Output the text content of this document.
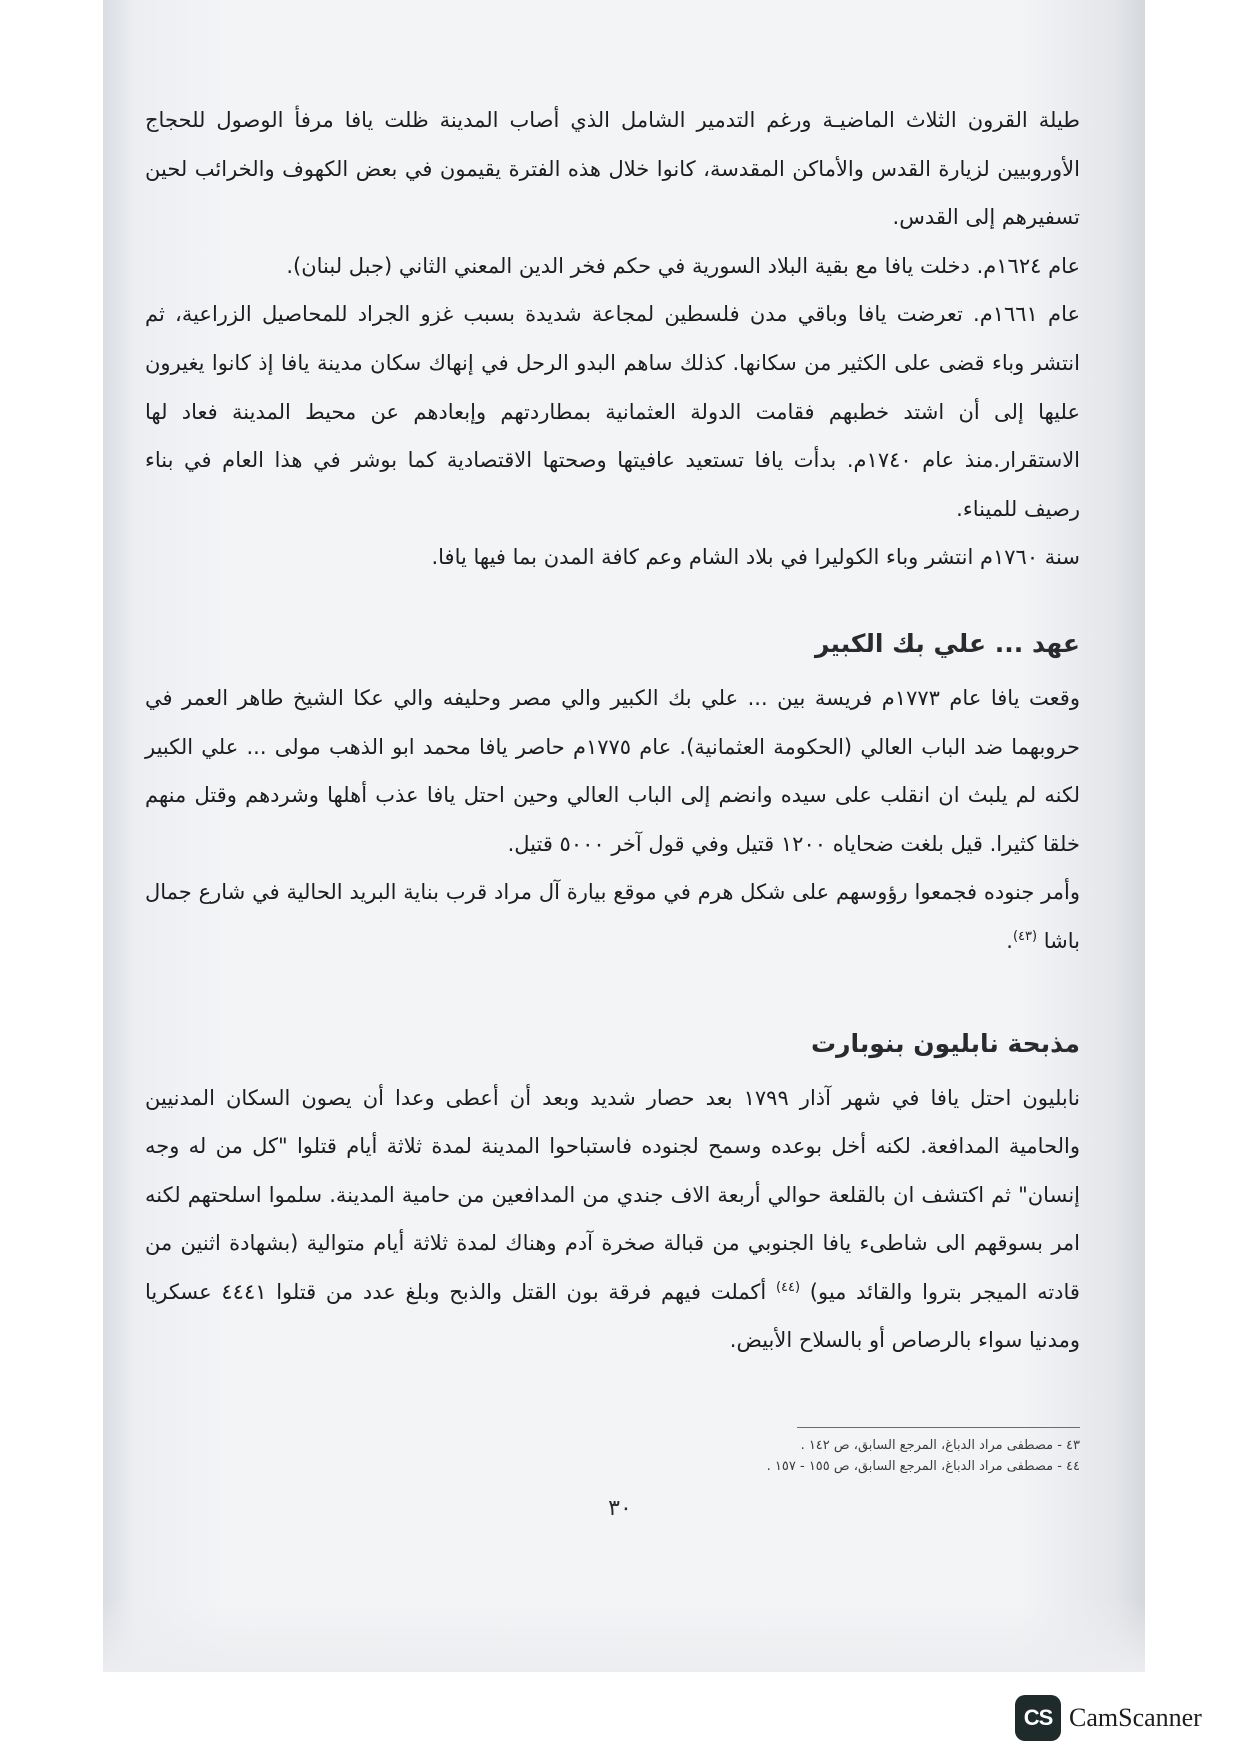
طيلة القرون الثلاث الماضيـة ورغم التدمير الشامل الذي أصاب المدينة ظلت يافا مرفأ الوصول للحجاج الأوروبيين لزيارة القدس والأماكن المقدسة، كانوا خلال هذه الفترة يقيمون في بعض الكهوف والخرائب لحين تسفيرهم إلى القدس.

عام ١٦٢٤م. دخلت يافا مع بقية البلاد السورية في حكم فخر الدين المعني الثاني (جبل لبنان).

عام ١٦٦١م. تعرضت يافا وباقي مدن فلسطين لمجاعة شديدة بسبب غزو الجراد للمحاصيل الزراعية، ثم انتشر وباء قضى على الكثير من سكانها. كذلك ساهم البدو الرحل في إنهاك سكان مدينة يافا إذ كانوا يغيرون عليها إلى أن اشتد خطبهم فقامت الدولة العثمانية بمطاردتهم وإبعادهم عن محيط المدينة فعاد لها الاستقرار.منذ عام ١٧٤٠م. بدأت يافا تستعيد عافيتها وصحتها الاقتصادية كما بوشر في هذا العام في بناء رصيف للميناء.

سنة ١٧٦٠م انتشر وباء الكوليرا في بلاد الشام وعم كافة المدن بما فيها يافا.

عهد ... علي بك الكبير

وقعت يافا عام ١٧٧٣م فريسة بين ... علي بك الكبير والي مصر وحليفه والي عكا الشيخ طاهر العمر في حروبهما ضد الباب العالي (الحكومة العثمانية). عام ١٧٧٥م حاصر يافا محمد ابو الذهب مولى ... علي الكبير لكنه لم يلبث ان انقلب على سيده وانضم إلى الباب العالي وحين احتل يافا عذب أهلها وشردهم وقتل منهم خلقا كثيرا. قيل بلغت ضحاياه ١٢٠٠ قتيل وفي قول آخر ٥٠٠٠ قتيل.

وأمر جنوده فجمعوا رؤوسهم على شكل هرم في موقع بيارة آل مراد قرب بناية البريد الحالية في شارع جمال باشا $^{(٤٣)}$.

مذبحة نابليون بنوبارت

نابليون احتل يافا في شهر آذار ١٧٩٩ بعد حصار شديد وبعد أن أعطى وعدا أن يصون السكان المدنيين والحامية المدافعة. لكنه أخل بوعده وسمح لجنوده فاستباحوا المدينة لمدة ثلاثة أيام قتلوا "كل من له وجه إنسان" ثم اكتشف ان بالقلعة حوالي أربعة الاف جندي من المدافعين من حامية المدينة. سلموا اسلحتهم لكنه امر بسوقهم الى شاطىء يافا الجنوبي من قبالة صخرة آدم وهناك لمدة ثلاثة أيام متوالية (بشهادة اثنين من قادته الميجر بتروا والقائد ميو) $^{(٤٤)}$ أكملت فيهم فرقة بون القتل والذبح وبلغ عدد من قتلوا ٤٤٤١ عسكريا ومدنيا سواء بالرصاص أو بالسلاح الأبيض.

٤٣ - مصطفى مراد الدباغ، المرجع السابق، ص ١٤٢ .

٤٤ - مصطفى مراد الدباغ، المرجع السابق، ص ١٥٥ - ١٥٧ .

٣٠
CS CamScanner
